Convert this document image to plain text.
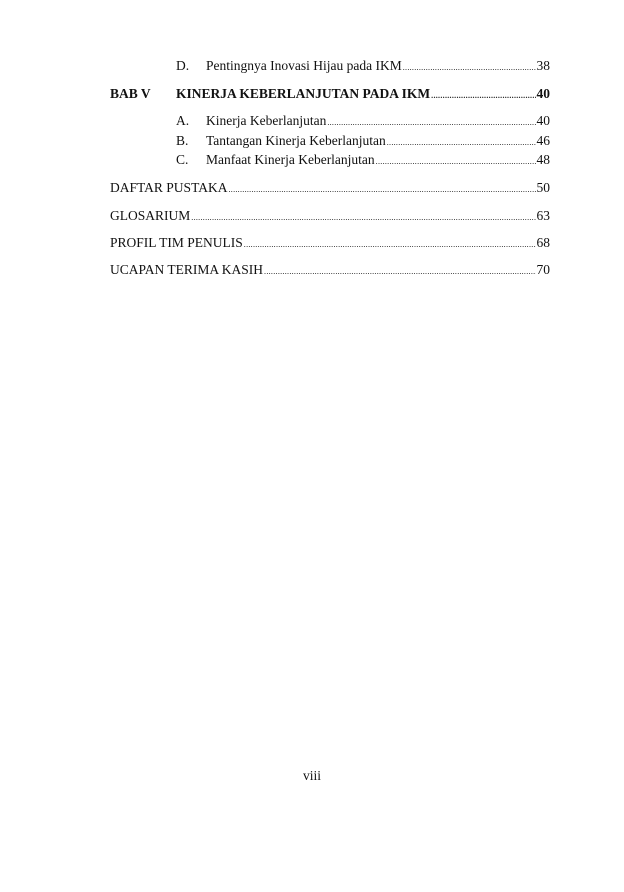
D.	Pentingnya Inovasi Hijau pada IKM .....	38
BAB V	KINERJA KEBERLANJUTAN PADA IKM .....	40
A.	Kinerja Keberlanjutan .....	40
B.	Tantangan Kinerja Keberlanjutan .....	46
C.	Manfaat Kinerja Keberlanjutan .....	48
DAFTAR PUSTAKA .....	50
GLOSARIUM .....	63
PROFIL TIM PENULIS .....	68
UCAPAN TERIMA KASIH .....	70
viii
